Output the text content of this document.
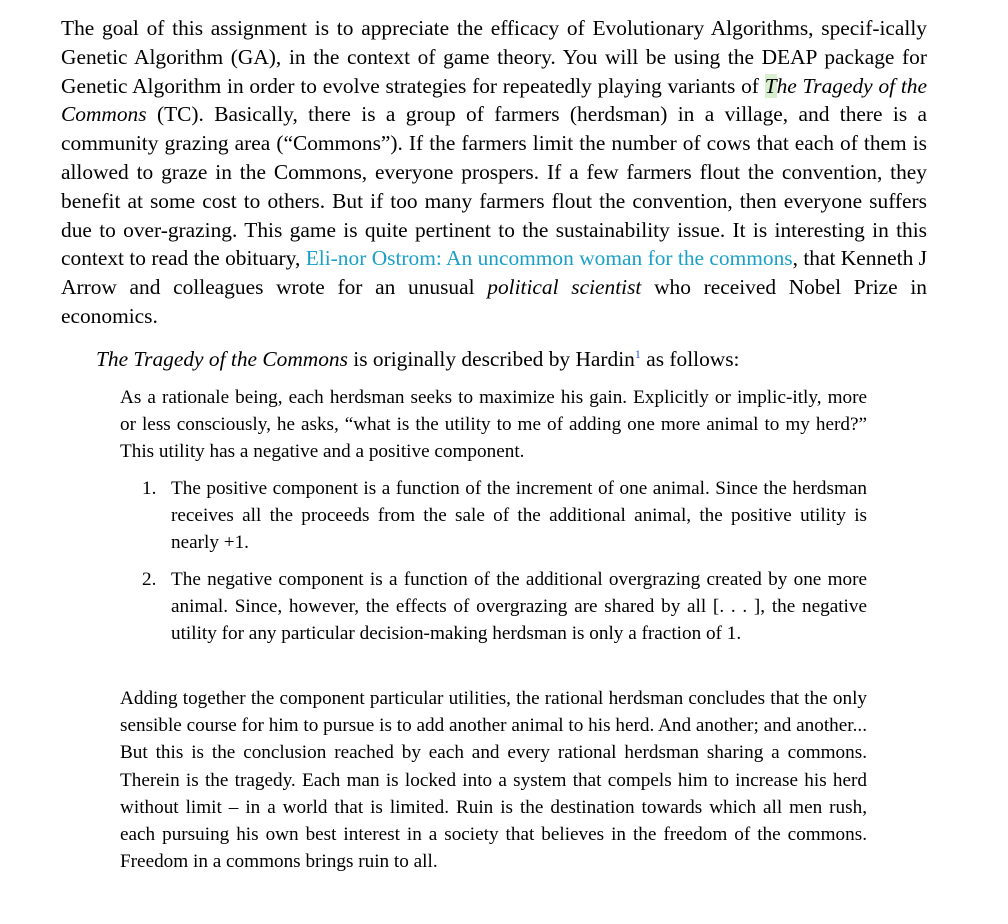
The goal of this assignment is to appreciate the efficacy of Evolutionary Algorithms, specif-ically Genetic Algorithm (GA), in the context of game theory. You will be using the DEAP package for Genetic Algorithm in order to evolve strategies for repeatedly playing variants of The Tragedy of the Commons (TC). Basically, there is a group of farmers (herdsman) in a village, and there is a community grazing area (“Commons”). If the farmers limit the number of cows that each of them is allowed to graze in the Commons, everyone prospers. If a few farmers flout the convention, they benefit at some cost to others. But if too many farmers flout the convention, then everyone suffers due to over-grazing. This game is quite pertinent to the sustainability issue. It is interesting in this context to read the obituary, Eli-nor Ostrom: An uncommon woman for the commons, that Kenneth J Arrow and colleagues wrote for an unusual political scientist who received Nobel Prize in economics.

The Tragedy of the Commons is originally described by Hardin$^1$ as follows:

As a rationale being, each herdsman seeks to maximize his gain. Explicitly or implic-itly, more or less consciously, he asks, “what is the utility to me of adding one more animal to my herd?” This utility has a negative and a positive component.

1. The positive component is a function of the increment of one animal. Since the herdsman receives all the proceeds from the sale of the additional animal, the positive utility is nearly +1.
2. The negative component is a function of the additional overgrazing created by one more animal. Since, however, the effects of overgrazing are shared by all [. . . ], the negative utility for any particular decision-making herdsman is only a fraction of 1.

Adding together the component particular utilities, the rational herdsman concludes that the only sensible course for him to pursue is to add another animal to his herd. And another; and another... But this is the conclusion reached by each and every rational herdsman sharing a commons. Therein is the tragedy. Each man is locked into a system that compels him to increase his herd without limit – in a world that is limited. Ruin is the destination towards which all men rush, each pursuing his own best interest in a society that believes in the freedom of the commons. Freedom in a commons brings ruin to all.
